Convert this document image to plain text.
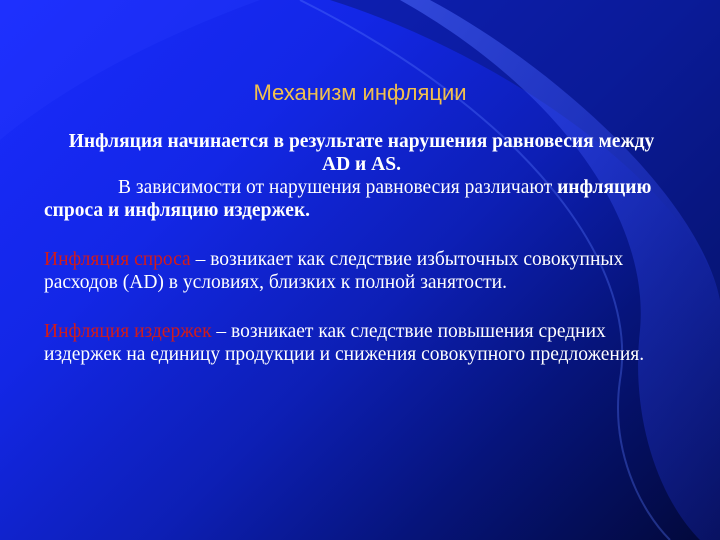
Механизм инфляции

Инфляция начинается в результате нарушения равновесия между AD и AS.

В зависимости от нарушения равновесия различают инфляцию спроса и инфляцию издержек.

Инфляция спроса – возникает как следствие избыточных совокупных расходов (AD) в условиях, близких к полной занятости.

Инфляция издержек – возникает как следствие повышения средних издержек на единицу продукции и снижения совокупного предложения.
